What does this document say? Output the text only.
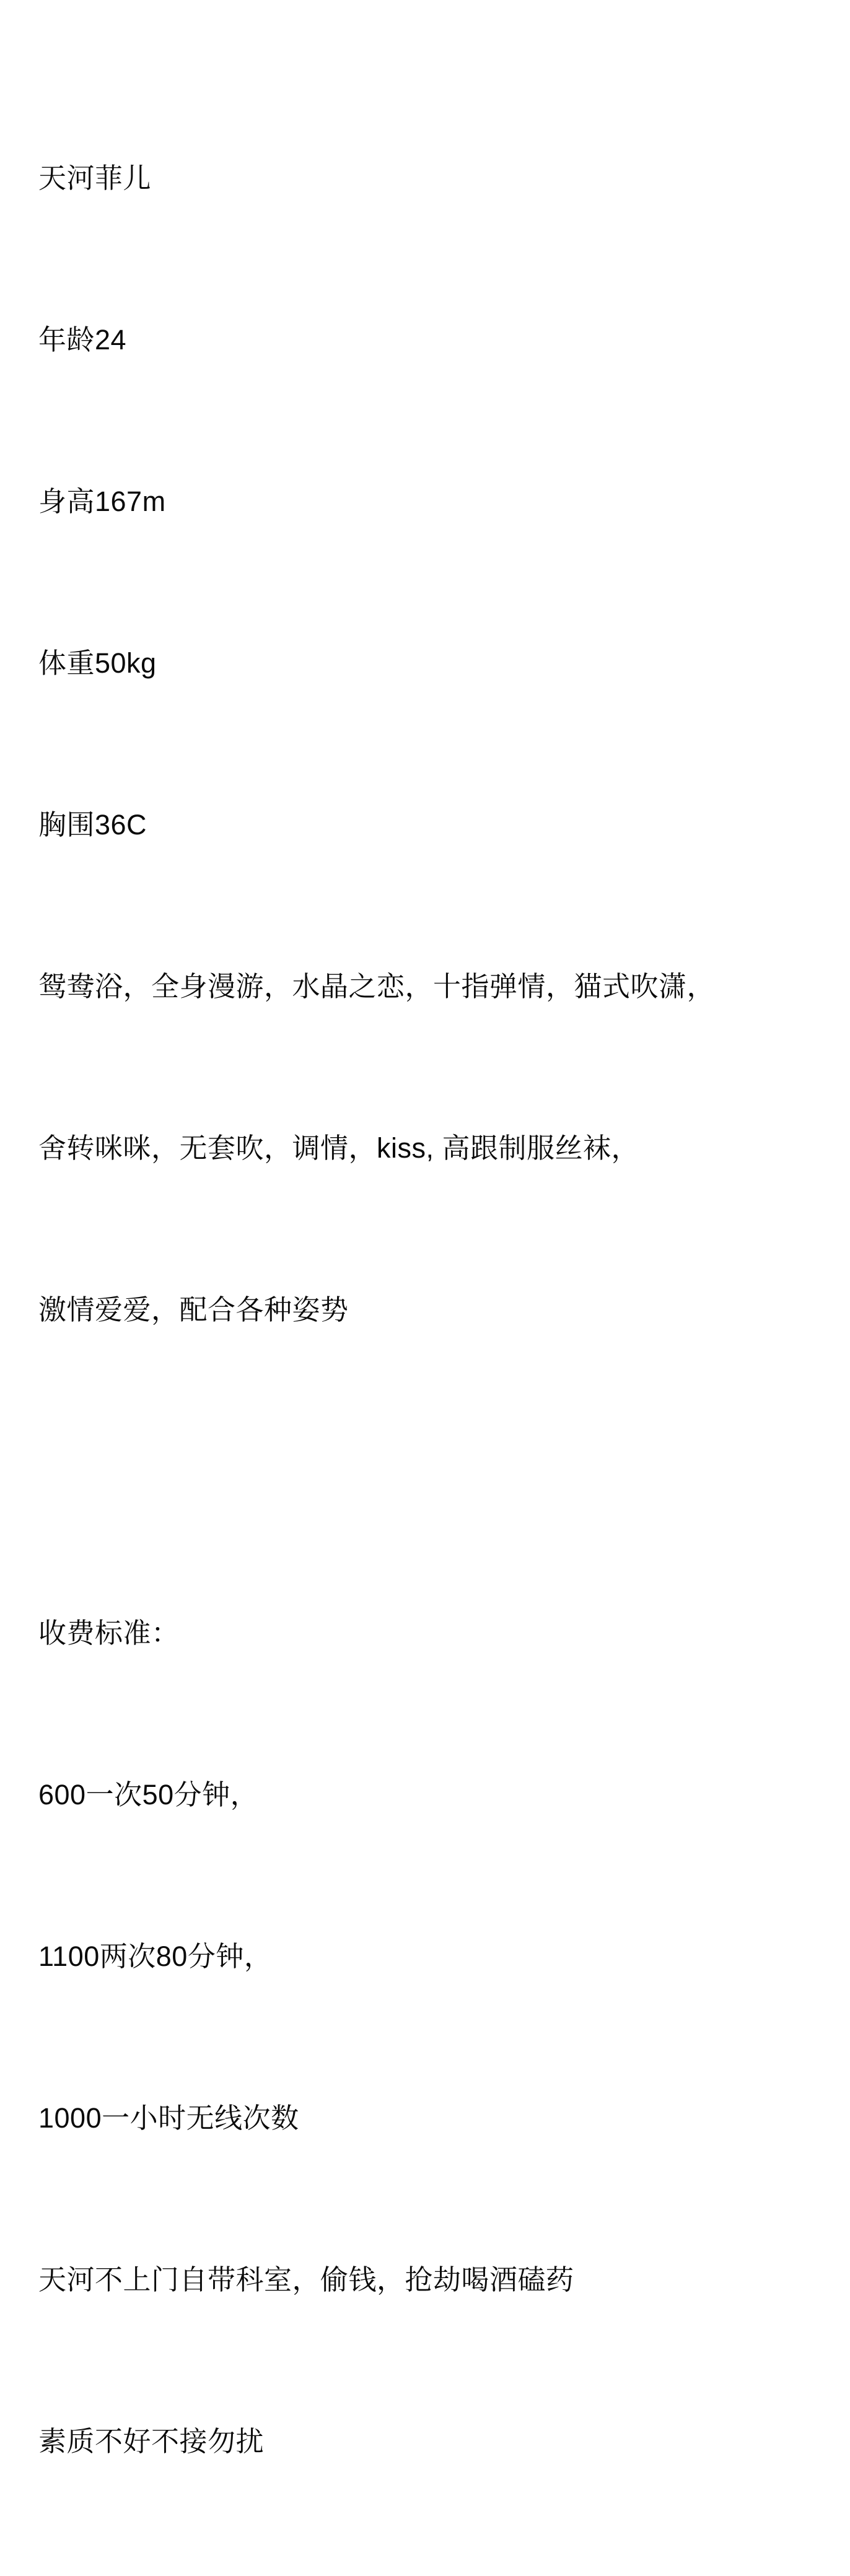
天河菲儿

年龄24

身高167m

体重50kg

胸围36C

鸳鸯浴，全身漫游，水晶之恋，十指弹情，猫式吹潇，

舍转咪咪，无套吹，调情，kiss, 高跟制服丝袜，

激情爱爱，配合各种姿势

收费标准：

600一次50分钟，

1100两次80分钟，

1000一小时无线次数

天河不上门自带科室，偷钱，抢劫喝酒磕药

素质不好不接勿扰
